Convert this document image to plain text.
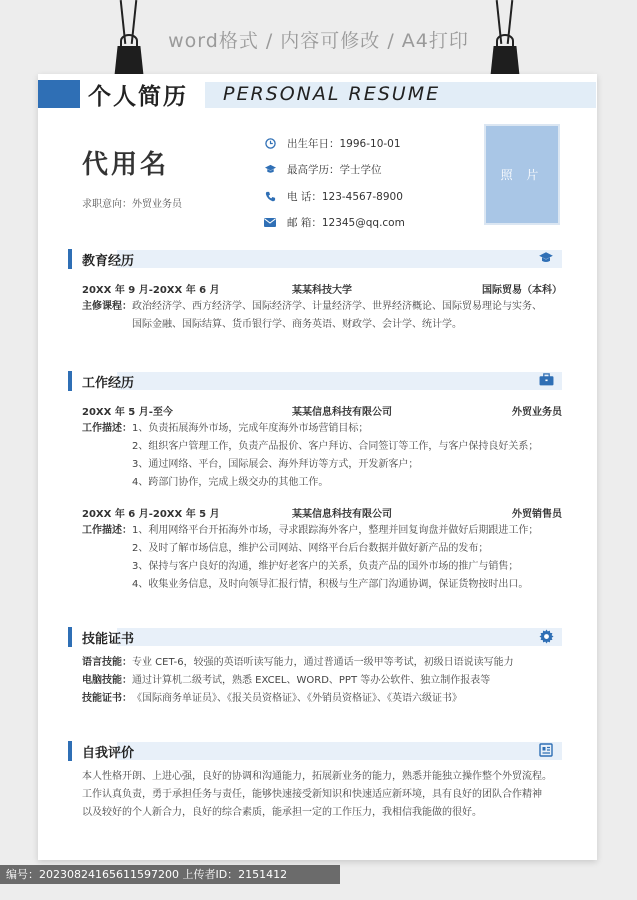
word格式 / 内容可修改 / A4打印
个人简历 PERSONAL RESUME
代用名
求职意向：外贸业务员
出生年日：1996-10-01
最高学历：学士学位
电 话：123-4567-8900
邮 箱：12345@qq.com
照 片
教育经历
20XX 年 9 月-20XX 年 6 月	某某科技大学	国际贸易（本科）
主修课程： 政治经济学、西方经济学、国际经济学、计量经济学、世界经济概论、国际贸易理论与实务、
国际金融、国际结算、货币银行学、商务英语、财政学、会计学、统计学。
工作经历
20XX 年 5 月-至今	某某信息科技有限公司	外贸业务员
工作描述： 1、负责拓展海外市场，完成年度海外市场营销目标；
2、组织客户管理工作，负责产品报价、客户拜访、合同签订等工作，与客户保持良好关系；
3、通过网络、平台，国际展会、海外拜访等方式，开发新客户；
4、跨部门协作，完成上级交办的其他工作。
20XX 年 6 月-20XX 年 5 月	某某信息科技有限公司	外贸销售员
工作描述： 1、利用网络平台开拓海外市场，寻求跟踪海外客户，整理并回复询盘并做好后期跟进工作；
2、及时了解市场信息，维护公司网站、网络平台后台数据并做好新产品的发布；
3、保持与客户良好的沟通，维护好老客户的关系，负责产品的国外市场的推广与销售；
4、收集业务信息，及时向领导汇报行情，积极与生产部门沟通协调，保证货物按时出口。
技能证书
语言技能： 专业 CET-6，较强的英语听读写能力，通过普通话一级甲等考试，初级日语说读写能力
电脑技能： 通过计算机二级考试，熟悉 EXCEL、WORD、PPT 等办公软件、独立制作报表等
技能证书： 《国际商务单证员》、《报关员资格证》、《外销员资格证》、《英语六级证书》
自我评价
本人性格开朗、上进心强，良好的协调和沟通能力，拓展新业务的能力，熟悉并能独立操作整个外贸流程。
工作认真负责，勇于承担任务与责任，能够快速接受新知识和快速适应新环境，具有良好的团队合作精神
以及较好的个人新合力，良好的综合素质，能承担一定的工作压力，我相信我能做的很好。
编号：20230824165611597200 上传者ID：2151412
